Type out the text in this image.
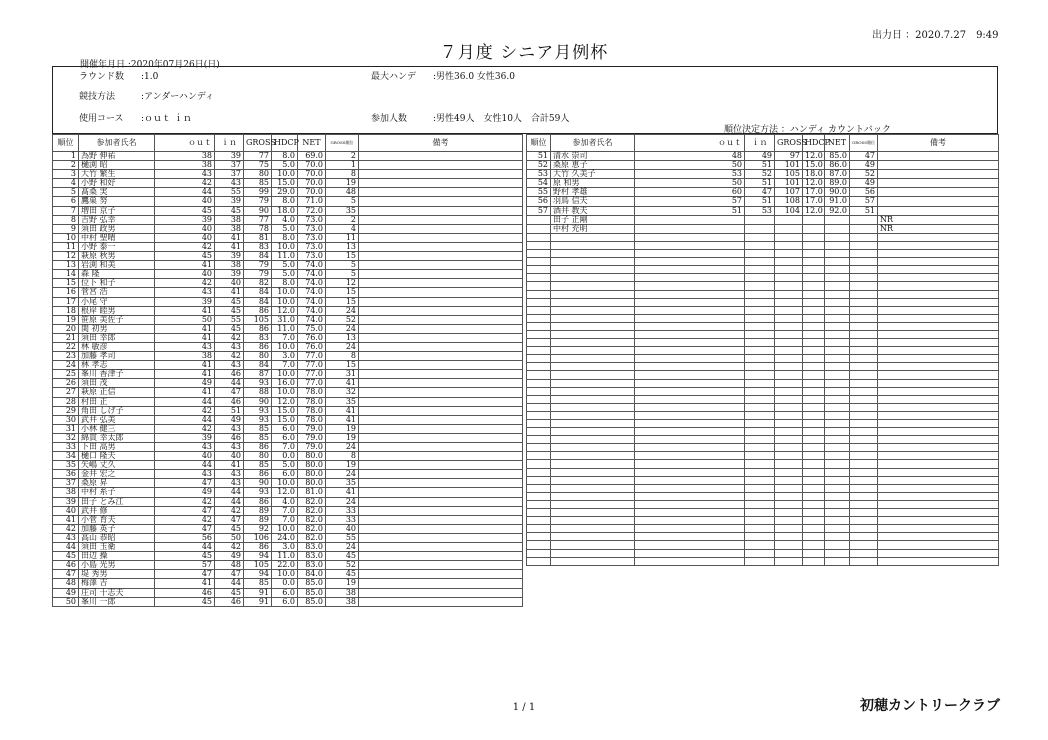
出力日 ：2020.7.27　9:49
７月度 シニア月例杯
開催年月日 :2020年07月26日(日)
ラウンド数 :1.0
競技方法	:アンダーハンディ
使用コース :ｏｕｔ ｉｎ
最大ハンデ :男性36.0 女性36.0
参加人数	:男性49人　女性10人　合計59人
順位決定方法 ：ハンディ カウントバック
順位	参加者氏名	ｏｕｔ	ｉｎ	GROSS	HDCP	NET	GROSS順位	備考
1	為野 伸祐	38	39	77	8.0	69.0	2	
2	樋渕 昭	38	37	75	5.0	70.0	1	
3	大竹 繁生	43	37	80	10.0	70.0	8	
4	小野 和好	42	43	85	15.0	70.0	19	
5	髙桑 実	44	55	99	29.0	70.0	48	
6	鷹巣 努	40	39	79	8.0	71.0	5	
7	増田 京子	45	45	90	18.0	72.0	35	
8	吉野 弘幸	39	38	77	4.0	73.0	2	
9	須田 政男	40	38	78	5.0	73.0	4	
10	中村 聖晴	40	41	81	8.0	73.0	11	
11	小野 泰一	42	41	83	10.0	73.0	13	
12	萩原 秋男	45	39	84	11.0	73.0	15	
13	岩渕 和美	41	38	79	5.0	74.0	5	
14	森 隆	40	39	79	5.0	74.0	5	
15	位下 和子	42	40	82	8.0	74.0	12	
16	菅宮 浩	43	41	84	10.0	74.0	15	
17	小尾 守	39	45	84	10.0	74.0	15	
18	根岸 睦男	41	45	86	12.0	74.0	24	
19	笹原 美佐子	50	55	105	31.0	74.0	52	
20	関 初男	41	45	86	11.0	75.0	24	
21	須田 幸郎	41	42	83	7.0	76.0	13	
22	林 敏彦	43	43	86	10.0	76.0	24	
23	加藤 孝司	38	42	80	3.0	77.0	8	
24	林 孝志	41	43	84	7.0	77.0	15	
25	峯川 香津子	41	46	87	10.0	77.0	31	
26	須田 茂	49	44	93	16.0	77.0	41	
27	萩原 正信	41	47	88	10.0	78.0	32	
28	村田 正	44	46	90	12.0	78.0	35	
29	角田 しげ子	42	51	93	15.0	78.0	41	
30	武井 弘美	44	49	93	15.0	78.0	41	
31	小林 健三	42	43	85	6.0	79.0	19	
32	綿貫 幸太郎	39	46	85	6.0	79.0	19	
33	下田 高男	43	43	86	7.0	79.0	24	
34	樋口 隆夫	40	40	80	0.0	80.0	8	
35	矢嶋 丈久	44	41	85	5.0	80.0	19	
36	金井 宏之	43	43	86	6.0	80.0	24	
37	桑原 昇	47	43	90	10.0	80.0	35	
38	中村 糸子	49	44	93	12.0	81.0	41	
39	田子 とみ江	42	44	86	4.0	82.0	24	
40	武井 修	47	42	89	7.0	82.0	33	
41	小菅 育夫	42	47	89	7.0	82.0	33	
42	加藤 英子	47	45	92	10.0	82.0	40	
43	高山 恭昭	56	50	106	24.0	82.0	55	
44	須田 玉衛	44	42	86	3.0	83.0	24	
45	田辺 操	45	49	94	11.0	83.0	45	
46	小島 光男	57	48	105	22.0	83.0	52	
47	堤 秀男	47	47	94	10.0	84.0	45	
48	梅澤 吉	41	44	85	0.0	85.0	19	
49	庄司 十志夫	46	45	91	6.0	85.0	38	
50	峯川 一郎	45	46	91	6.0	85.0	38	
順位	参加者氏名	ｏｕｔ	ｉｎ	GROSS	HDCP	NET	GROSS順位	備考
51	清水 崇司	48	49	97	12.0	85.0	47	
52	桑原 恵子	50	51	101	15.0	86.0	49	
53	大竹 久美子	53	52	105	18.0	87.0	52	
54	原 和男	50	51	101	12.0	89.0	49	
55	野村 孝雄	60	47	107	17.0	90.0	56	
56	羽鳥 信夫	57	51	108	17.0	91.0	57	
57	酒井 教夫	51	53	104	12.0	92.0	51	
	田子 正剛							NR
	中村 充明							NR

1 / 1	初穂カントリークラブ
